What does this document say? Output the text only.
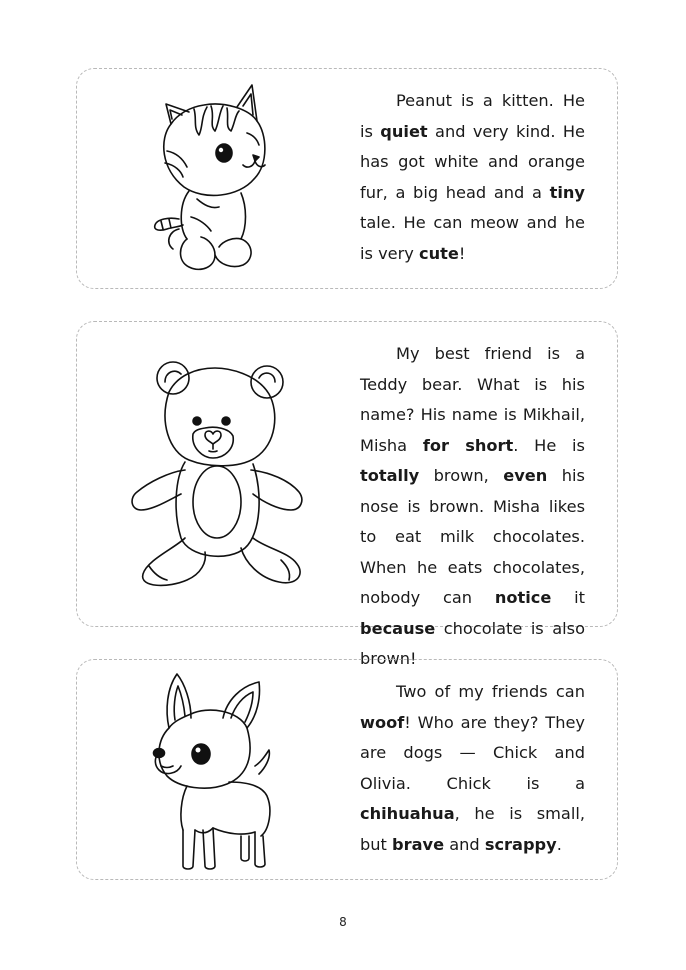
Peanut is a kitten. He is quiet and very kind. He has got white and orange fur, a big head and a tiny tale. He can meow and he is very cute!

My best friend is a Teddy bear. What is his name? His name is Mikhail, Misha for short. He is totally brown, even his nose is brown. Misha likes to eat milk chocolates. When he eats chocolates, nobody can notice it because chocolate is also brown!

Two of my friends can woof! Who are they? They are dogs — Chick and Olivia. Chick is a chihuahua, he is small, but brave and scrappy.

8
